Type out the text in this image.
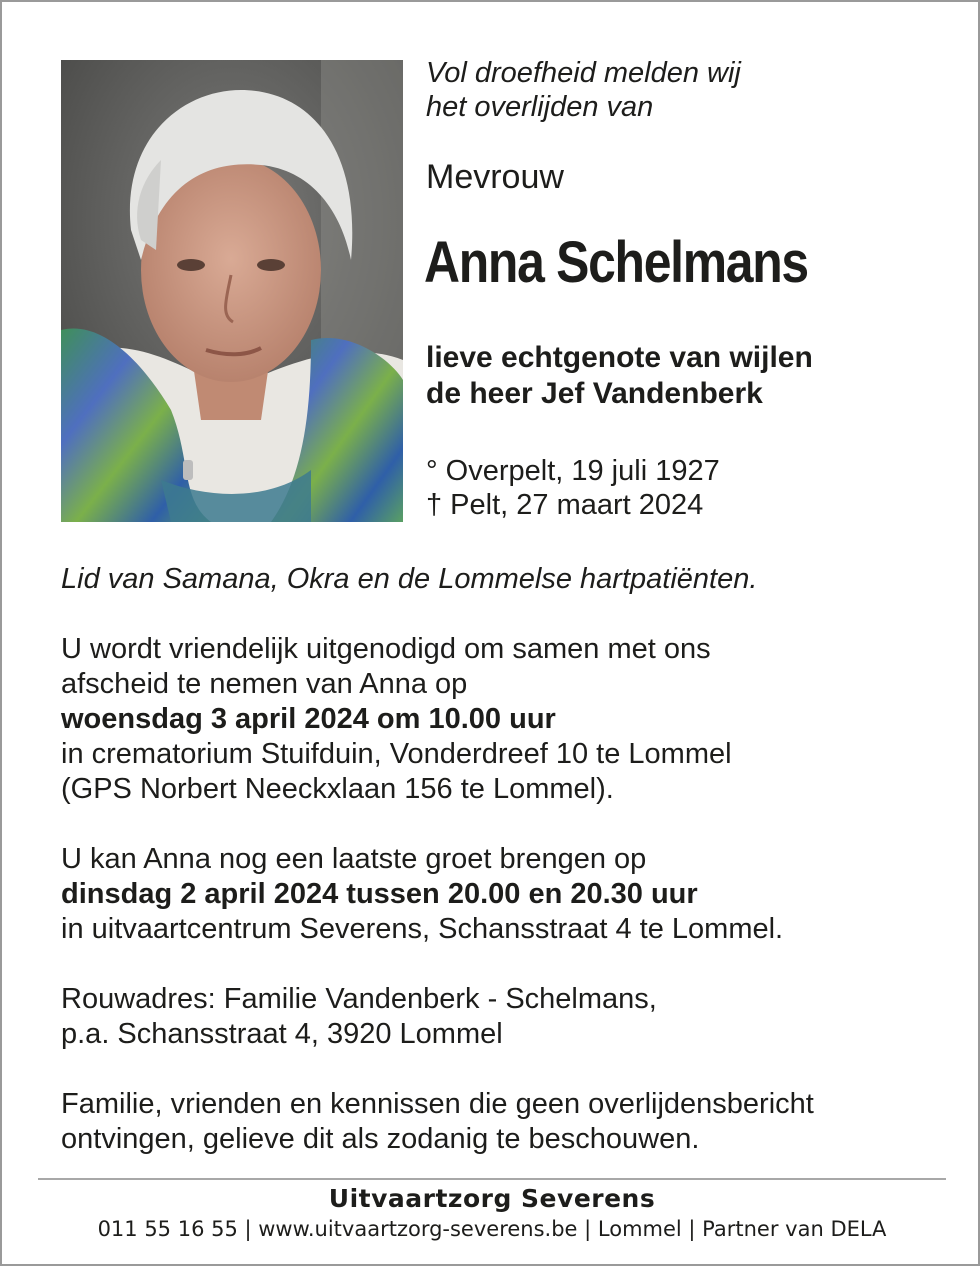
Vol droefheid melden wij
het overlijden van
Mevrouw
Anna Schelmans
lieve echtgenote van wijlen
de heer Jef Vandenberk
° Overpelt, 19 juli 1927
† Pelt, 27 maart 2024

Lid van Samana, Okra en de Lommelse hartpatiënten.

U wordt vriendelijk uitgenodigd om samen met ons

afscheid te nemen van Anna op

woensdag 3 april 2024 om 10.00 uur

in crematorium Stuifduin, Vonderdreef 10 te Lommel

(GPS Norbert Neeckxlaan 156 te Lommel).

U kan Anna nog een laatste groet brengen op

dinsdag 2 april 2024 tussen 20.00 en 20.30 uur

in uitvaartcentrum Severens, Schansstraat 4 te Lommel.

Rouwadres: Familie Vandenberk - Schelmans,

p.a. Schansstraat 4, 3920 Lommel

Familie, vrienden en kennissen die geen overlijdensbericht

ontvingen, gelieve dit als zodanig te beschouwen.

Uitvaartzorg Severens
011 55 16 55 | www.uitvaartzorg-severens.be | Lommel | Partner van DELA
